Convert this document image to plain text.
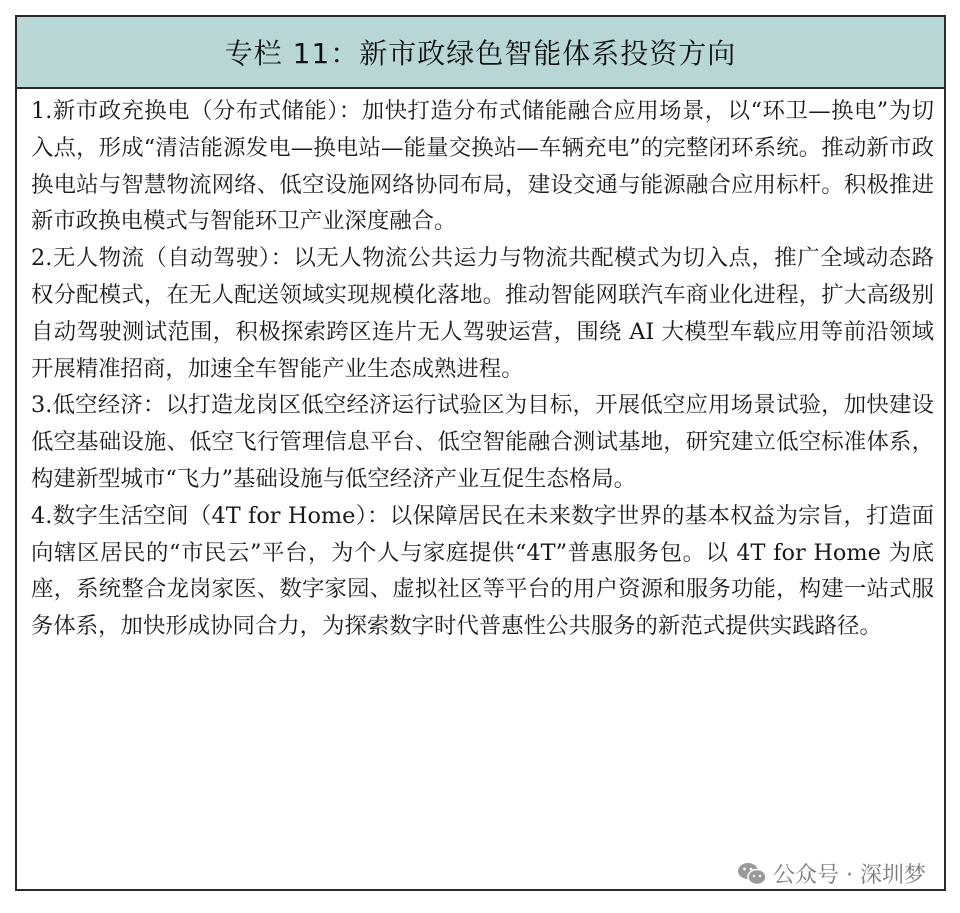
专栏 11：新市政绿色智能体系投资方向

1.新市政充换电（分布式储能）：加快打造分布式储能融合应用场景，以“环卫—换电”为切入点，形成“清洁能源发电—换电站—能量交换站—车辆充电”的完整闭环系统。推动新市政换电站与智慧物流网络、低空设施网络协同布局，建设交通与能源融合应用标杆。积极推进新市政换电模式与智能环卫产业深度融合。

2.无人物流（自动驾驶）：以无人物流公共运力与物流共配模式为切入点，推广全域动态路权分配模式，在无人配送领域实现规模化落地。推动智能网联汽车商业化进程，扩大高级别自动驾驶测试范围，积极探索跨区连片无人驾驶运营，围绕 AI 大模型车载应用等前沿领域开展精准招商，加速全车智能产业生态成熟进程。

3.低空经济：以打造龙岗区低空经济运行试验区为目标，开展低空应用场景试验，加快建设低空基础设施、低空飞行管理信息平台、低空智能融合测试基地，研究建立低空标准体系，构建新型城市“飞力”基础设施与低空经济产业互促生态格局。

4.数字生活空间（4T for Home）：以保障居民在未来数字世界的基本权益为宗旨，打造面向辖区居民的“市民云”平台，为个人与家庭提供“4T”普惠服务包。以 4T for Home 为底座，系统整合龙岗家医、数字家园、虚拟社区等平台的用户资源和服务功能，构建一站式服务体系，加快形成协同合力，为探索数字时代普惠性公共服务的新范式提供实践路径。

公众号 · 深圳梦
